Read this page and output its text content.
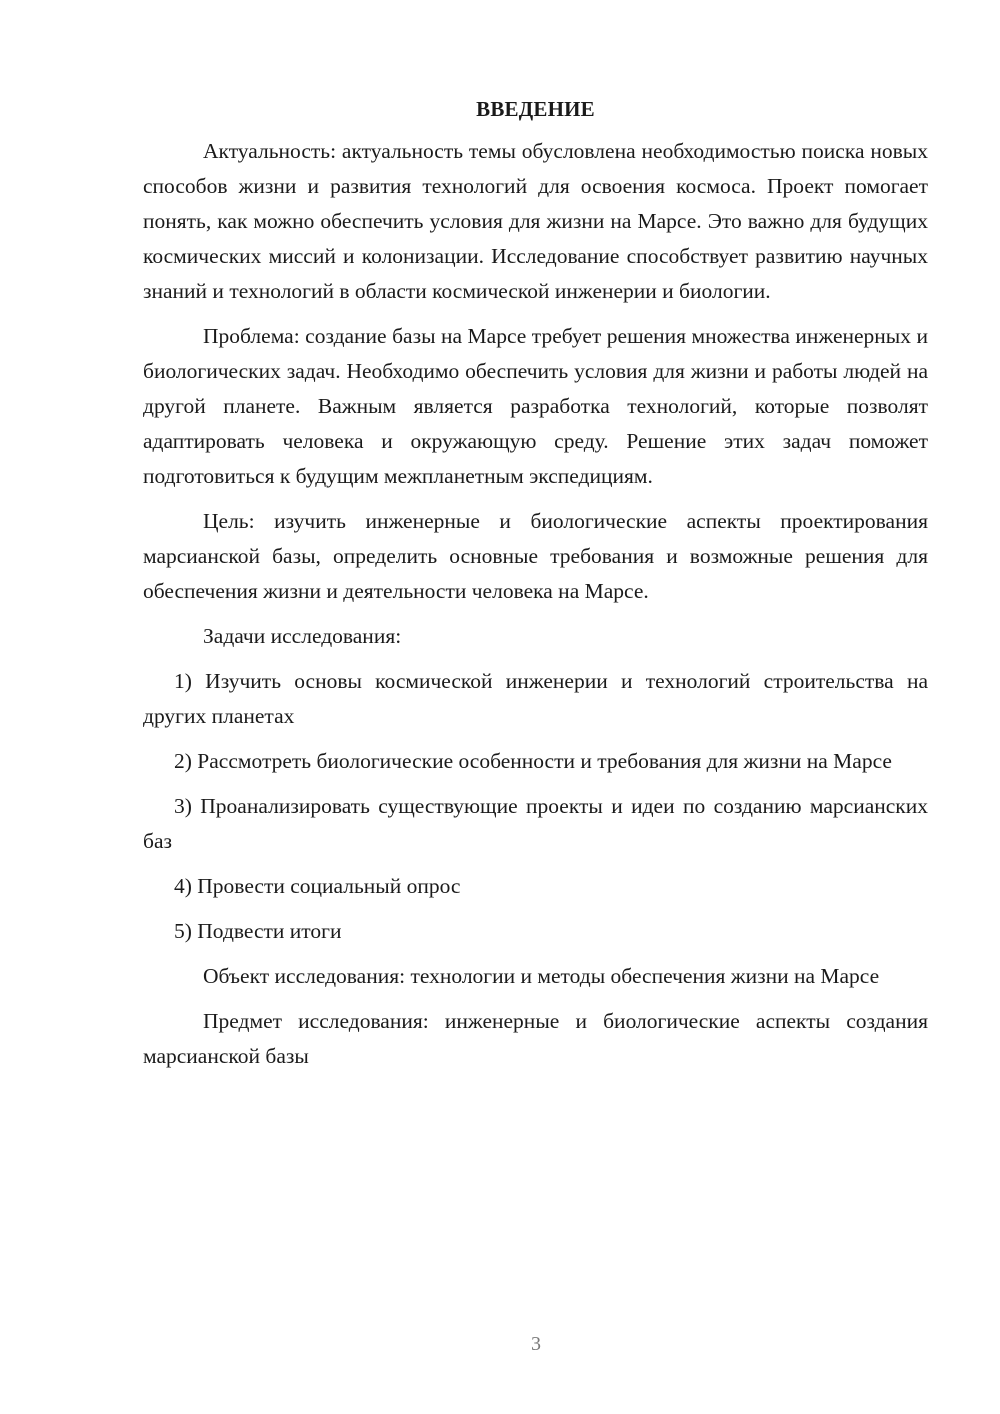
ВВЕДЕНИЕ

Актуальность: актуальность темы обусловлена необходимостью поиска новых способов жизни и развития технологий для освоения космоса. Проект помогает понять, как можно обеспечить условия для жизни на Марсе. Это важно для будущих космических миссий и колонизации. Исследование способствует развитию научных знаний и технологий в области космической инженерии и биологии.

Проблема: создание базы на Марсе требует решения множества инженерных и биологических задач. Необходимо обеспечить условия для жизни и работы людей на другой планете. Важным является разработка технологий, которые позволят адаптировать человека и окружающую среду. Решение этих задач поможет подготовиться к будущим межпланетным экспедициям.

Цель: изучить инженерные и биологические аспекты проектирования марсианской базы, определить основные требования и возможные решения для обеспечения жизни и деятельности человека на Марсе.

Задачи исследования:

1) Изучить основы космической инженерии и технологий строительства на других планетах

2) Рассмотреть биологические особенности и требования для жизни на Марсе

3) Проанализировать существующие проекты и идеи по созданию марсианских баз

4) Провести социальный опрос

5) Подвести итоги

Объект исследования: технологии и методы обеспечения жизни на Марсе

Предмет исследования: инженерные и биологические аспекты создания марсианской базы

3
